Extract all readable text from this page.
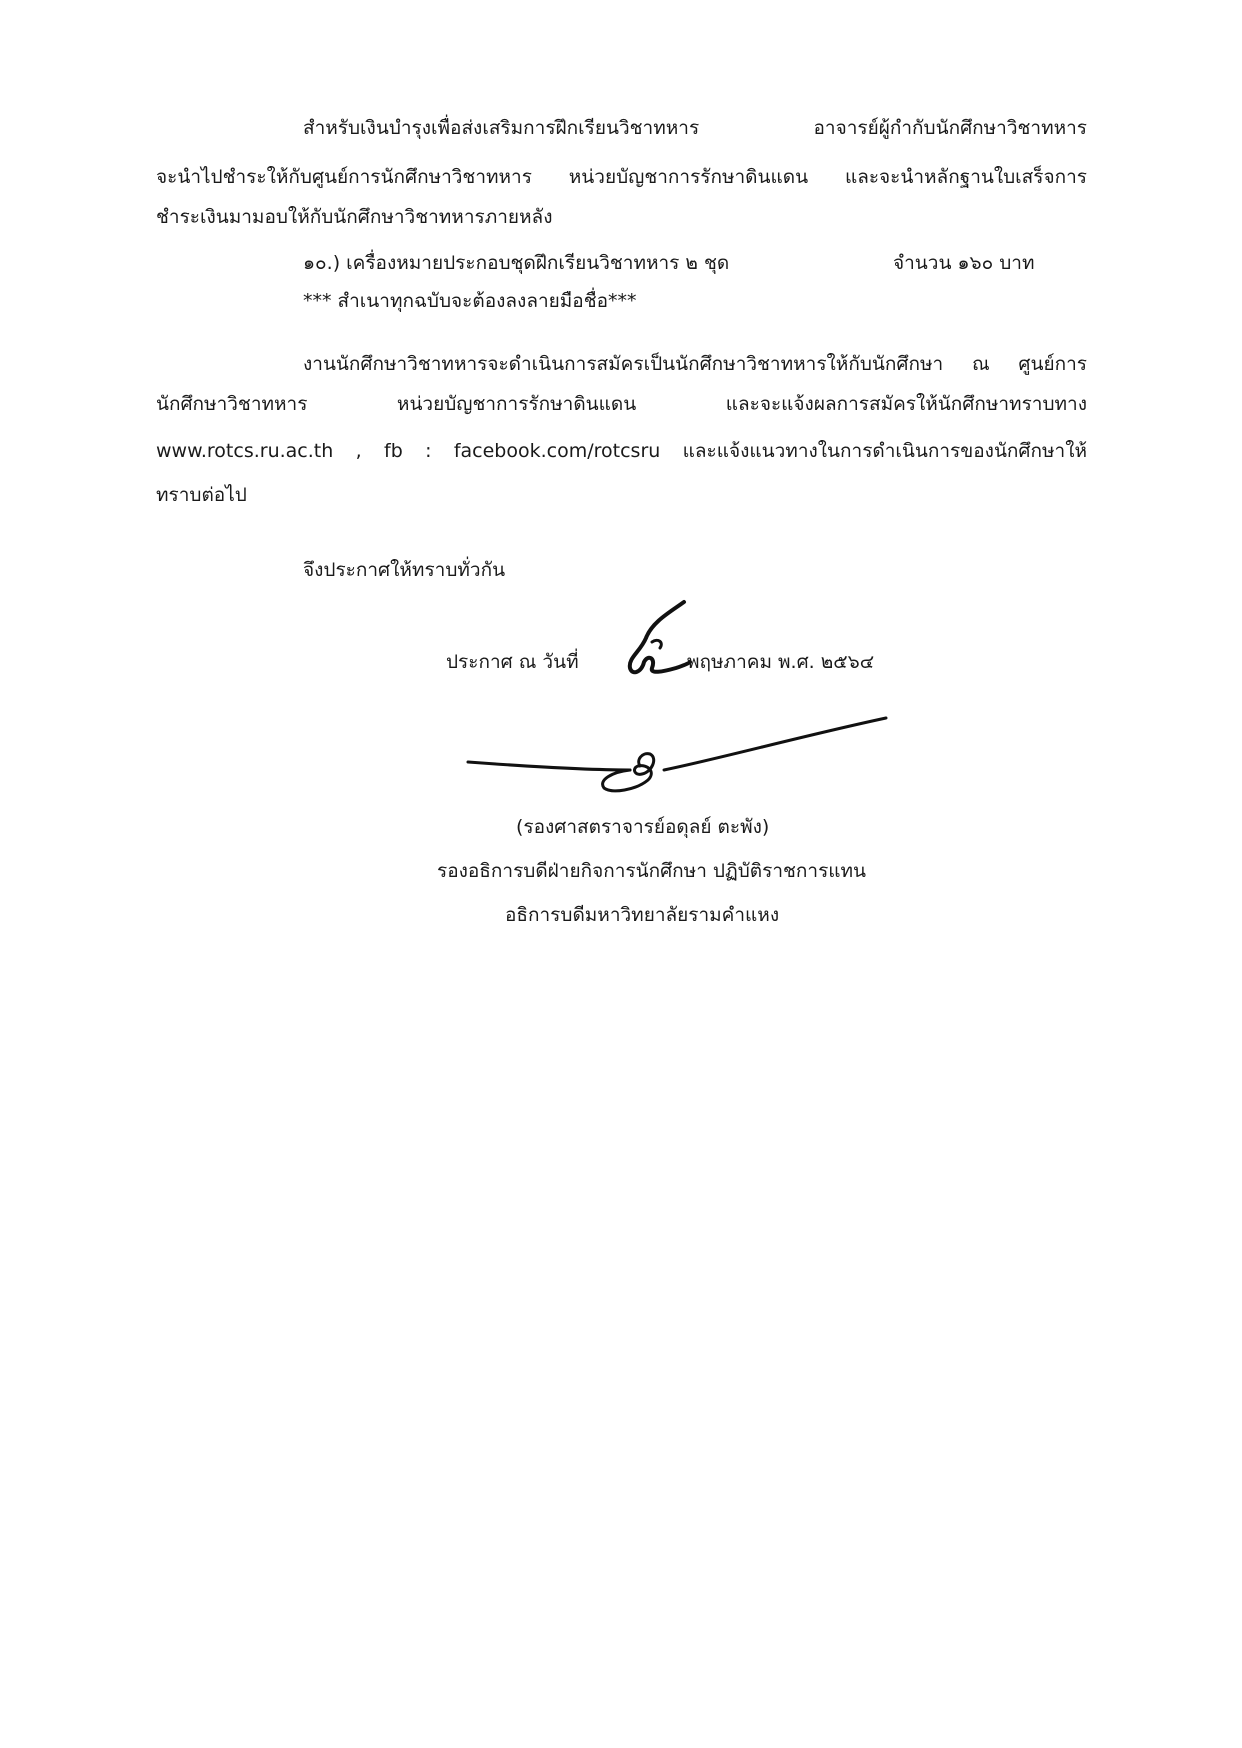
สำหรับเงินบำรุงเพื่อส่งเสริมการฝึกเรียนวิชาทหาร อาจารย์ผู้กำกับนักศึกษาวิชาทหาร
จะนำไปชำระให้กับศูนย์การนักศึกษาวิชาทหาร หน่วยบัญชาการรักษาดินแดน และจะนำหลักฐานใบเสร็จการ
ชำระเงินมามอบให้กับนักศึกษาวิชาทหารภายหลัง
๑๐.) เครื่องหมายประกอบชุดฝึกเรียนวิชาทหาร ๒ ชุด	จำนวน ๑๖๐ บาท
*** สำเนาทุกฉบับจะต้องลงลายมือชื่อ***
งานนักศึกษาวิชาทหารจะดำเนินการสมัครเป็นนักศึกษาวิชาทหารให้กับนักศึกษา ณ ศูนย์การ
นักศึกษาวิชาทหาร หน่วยบัญชาการรักษาดินแดน และจะแจ้งผลการสมัครให้นักศึกษาทราบทาง
www.rotcs.ru.ac.th , fb : facebook.com/rotcsru และแจ้งแนวทางในการดำเนินการของนักศึกษาให้
ทราบต่อไป
จึงประกาศให้ทราบทั่วกัน
ประกาศ ณ วันที่	พฤษภาคม พ.ศ. ๒๕๖๔
(รองศาสตราจารย์อดุลย์ ตะพัง)
รองอธิการบดีฝ่ายกิจการนักศึกษา ปฏิบัติราชการแทน
อธิการบดีมหาวิทยาลัยรามคำแหง
